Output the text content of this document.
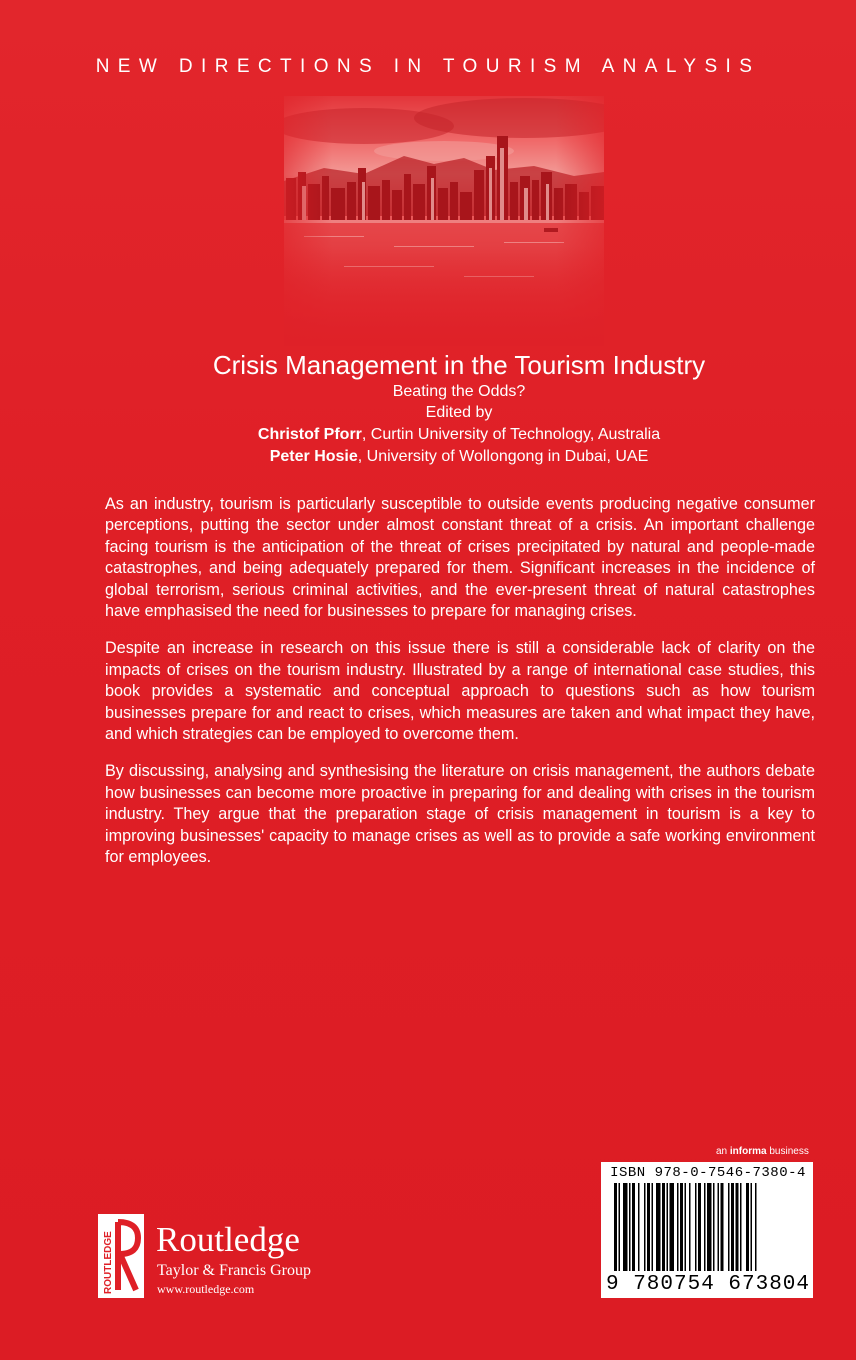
NEW DIRECTIONS IN TOURISM ANALYSIS
Crisis Management in the Tourism Industry
Beating the Odds?
Edited by
Christof Pforr, Curtin University of Technology, Australia
Peter Hosie, University of Wollongong in Dubai, UAE

As an industry, tourism is particularly susceptible to outside events producing negative consumer perceptions, putting the sector under almost constant threat of a crisis. An important challenge facing tourism is the anticipation of the threat of crises precipitated by natural and people-made catastrophes, and being adequately prepared for them. Significant increases in the incidence of global terrorism, serious criminal activities, and the ever-present threat of natural catastrophes have emphasised the need for businesses to prepare for managing crises.

Despite an increase in research on this issue there is still a considerable lack of clarity on the impacts of crises on the tourism industry. Illustrated by a range of international case studies, this book provides a systematic and conceptual approach to questions such as how tourism businesses prepare for and react to crises, which measures are taken and what impact they have, and which strategies can be employed to overcome them.

By discussing, analysing and synthesising the literature on crisis management, the authors debate how businesses can become more proactive in preparing for and dealing with crises in the tourism industry. They argue that the preparation stage of crisis management in tourism is a key to improving businesses' capacity to manage crises as well as to provide a safe working environment for employees.

an informa business
ISBN 978-0-7546-7380-4
9 780754 673804
ROUTLEDGE Routledge
Taylor & Francis Group
www.routledge.com
